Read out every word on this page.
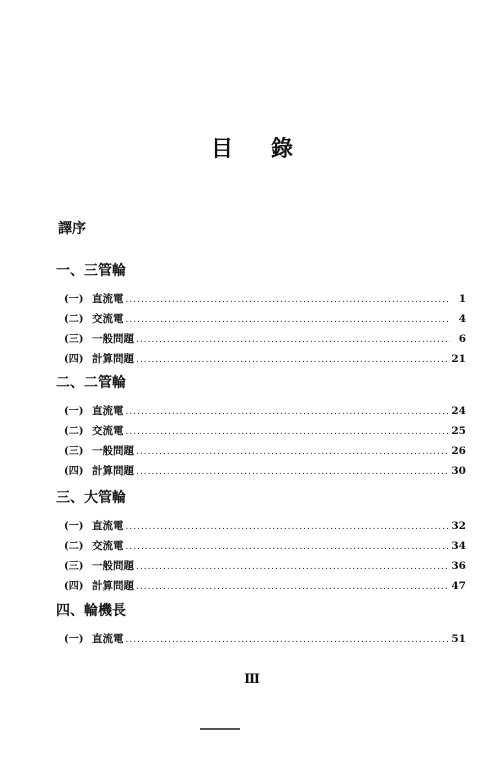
目 錄
譯序
一、三管輪
(一) 直流電 .....	1
(二) 交流電 .....	4
(三) 一般問題 .....	6
(四) 計算問題 .....	21
二、二管輪
(一) 直流電 .....	24
(二) 交流電 .....	25
(三) 一般問題 .....	26
(四) 計算問題 .....	30
三、大管輪
(一) 直流電 .....	32
(二) 交流電 .....	34
(三) 一般問題 .....	36
(四) 計算問題 .....	47
四、輪機長
(一) 直流電 .....	51
Ⅲ
